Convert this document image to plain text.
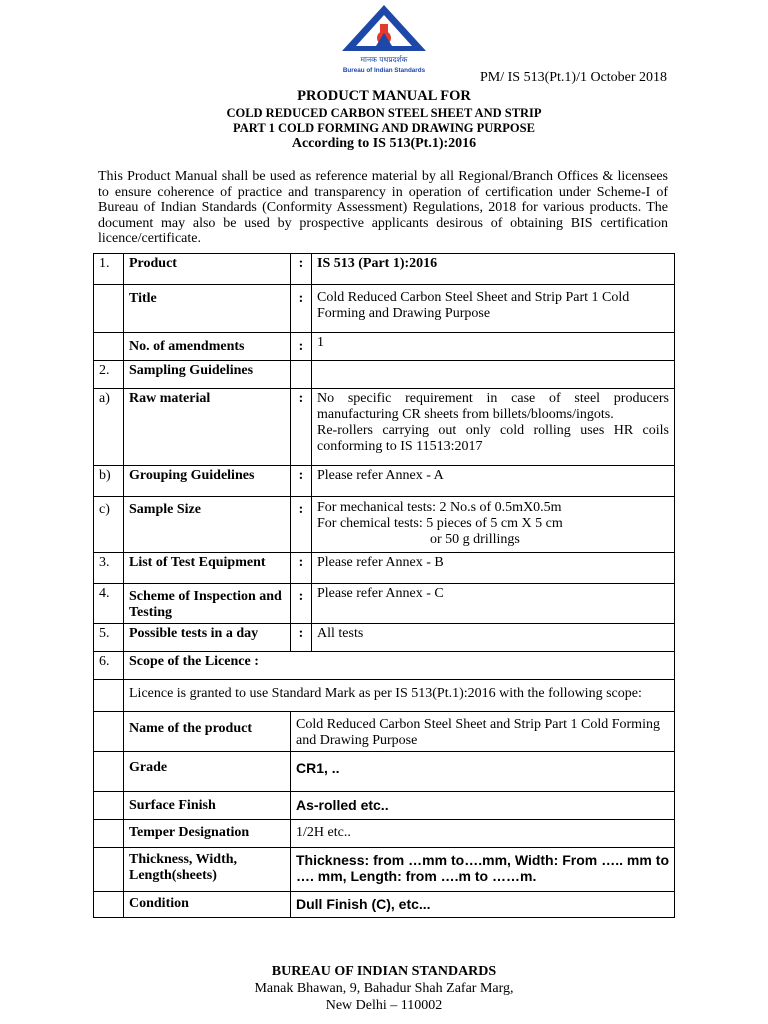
मानक पथप्रदर्शक
Bureau of Indian Standards	PM/ IS 513(Pt.1)/1 October 2018
PRODUCT MANUAL FOR
COLD REDUCED CARBON STEEL SHEET AND STRIP
PART 1 COLD FORMING AND DRAWING PURPOSE
According to IS 513(Pt.1):2016
This Product Manual shall be used as reference material by all Regional/Branch Offices & licensees to ensure coherence of practice and transparency in operation of certification under Scheme-I of Bureau of Indian Standards (Conformity Assessment) Regulations, 2018 for various products. The document may also be used by prospective applicants desirous of obtaining BIS certification licence/certificate.
1.	Product	:	IS 513 (Part 1):2016
	Title	:	Cold Reduced Carbon Steel Sheet and Strip Part 1 Cold Forming and Drawing Purpose
	No. of amendments	:	1
2.	Sampling Guidelines		
a)	Raw material	:	No specific requirement in case of steel producers manufacturing CR sheets from billets/blooms/ingots.
Re-rollers carrying out only cold rolling uses HR coils conforming to IS 11513:2017

b)	Grouping Guidelines	:	Please refer Annex - A
c)	Sample Size	:	For mechanical tests: 2 No.s of 0.5mX0.5m
For chemical tests: 5 pieces of 5 cm X 5 cm
or 50 g drillings

3.	List of Test Equipment	:	Please refer Annex - B
4.	Scheme of Inspection and Testing	:	Please refer Annex - C
5.	Possible tests in a day	:	All tests
6.	Scope of the Licence :		
	Licence is granted to use Standard Mark as per IS 513(Pt.1):2016 with the following scope:		
	Name of the product	Cold Reduced Carbon Steel Sheet and Strip Part 1 Cold Forming and Drawing Purpose	
	Grade	CR1, ..	
	Surface Finish	As-rolled etc..	
	Temper Designation	1/2H etc..	
	Thickness, Width, Length(sheets)	Thickness: from …mm to….mm, Width: From ….. mm to …. mm, Length: from ….m to ……m.	
	Condition	Dull Finish (C), etc...	
BUREAU OF INDIAN STANDARDS
Manak Bhawan, 9, Bahadur Shah Zafar Marg,
New Delhi – 110002
